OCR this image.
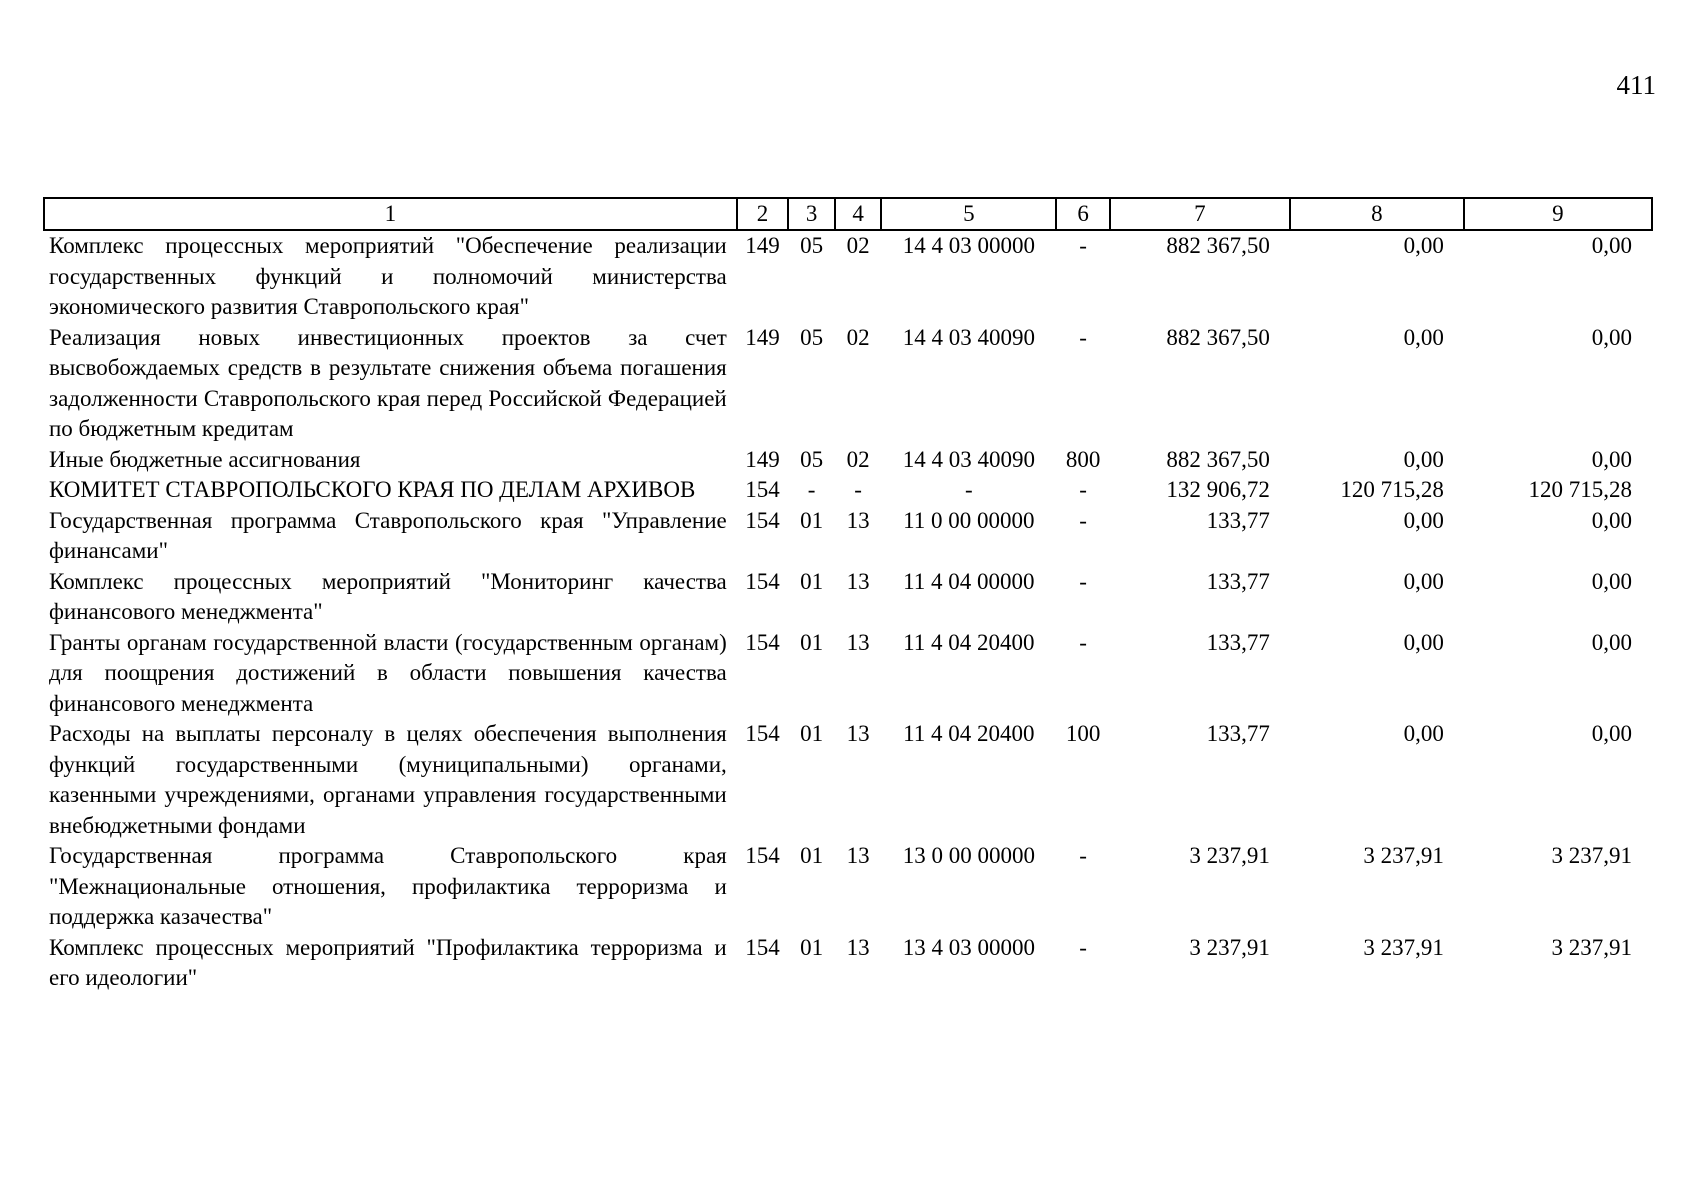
411
1	2	3	4	5	6	7	8	9
Комплекс процессных мероприятий "Обеспечение реализации государственных функций и полномочий министерства экономического развития Ставропольского края"	149	05	02	14 4 03 00000	-	882 367,50	0,00	0,00
Реализация новых инвестиционных проектов за счет высвобождаемых средств в результате снижения объема погашения задолженности Ставропольского края перед Российской Федерацией по бюджетным кредитам	149	05	02	14 4 03 40090	-	882 367,50	0,00	0,00
Иные бюджетные ассигнования	149	05	02	14 4 03 40090	800	882 367,50	0,00	0,00
КОМИТЕТ СТАВРОПОЛЬСКОГО КРАЯ ПО ДЕЛАМ АРХИВОВ	154	-	-	-	-	132 906,72	120 715,28	120 715,28
Государственная программа Ставропольского края "Управление финансами"	154	01	13	11 0 00 00000	-	133,77	0,00	0,00
Комплекс процессных мероприятий "Мониторинг качества финансового менеджмента"	154	01	13	11 4 04 00000	-	133,77	0,00	0,00
Гранты органам государственной власти (государственным органам) для поощрения достижений в области повышения качества финансового менеджмента	154	01	13	11 4 04 20400	-	133,77	0,00	0,00
Расходы на выплаты персоналу в целях обеспечения выполнения функций государственными (муниципальными) органами, казенными учреждениями, органами управления государственными внебюджетными фондами	154	01	13	11 4 04 20400	100	133,77	0,00	0,00
Государственная программа Ставропольского края "Межнациональные отношения, профилактика терроризма и поддержка казачества"	154	01	13	13 0 00 00000	-	3 237,91	3 237,91	3 237,91
Комплекс процессных мероприятий "Профилактика терроризма и его идеологии"	154	01	13	13 4 03 00000	-	3 237,91	3 237,91	3 237,91
